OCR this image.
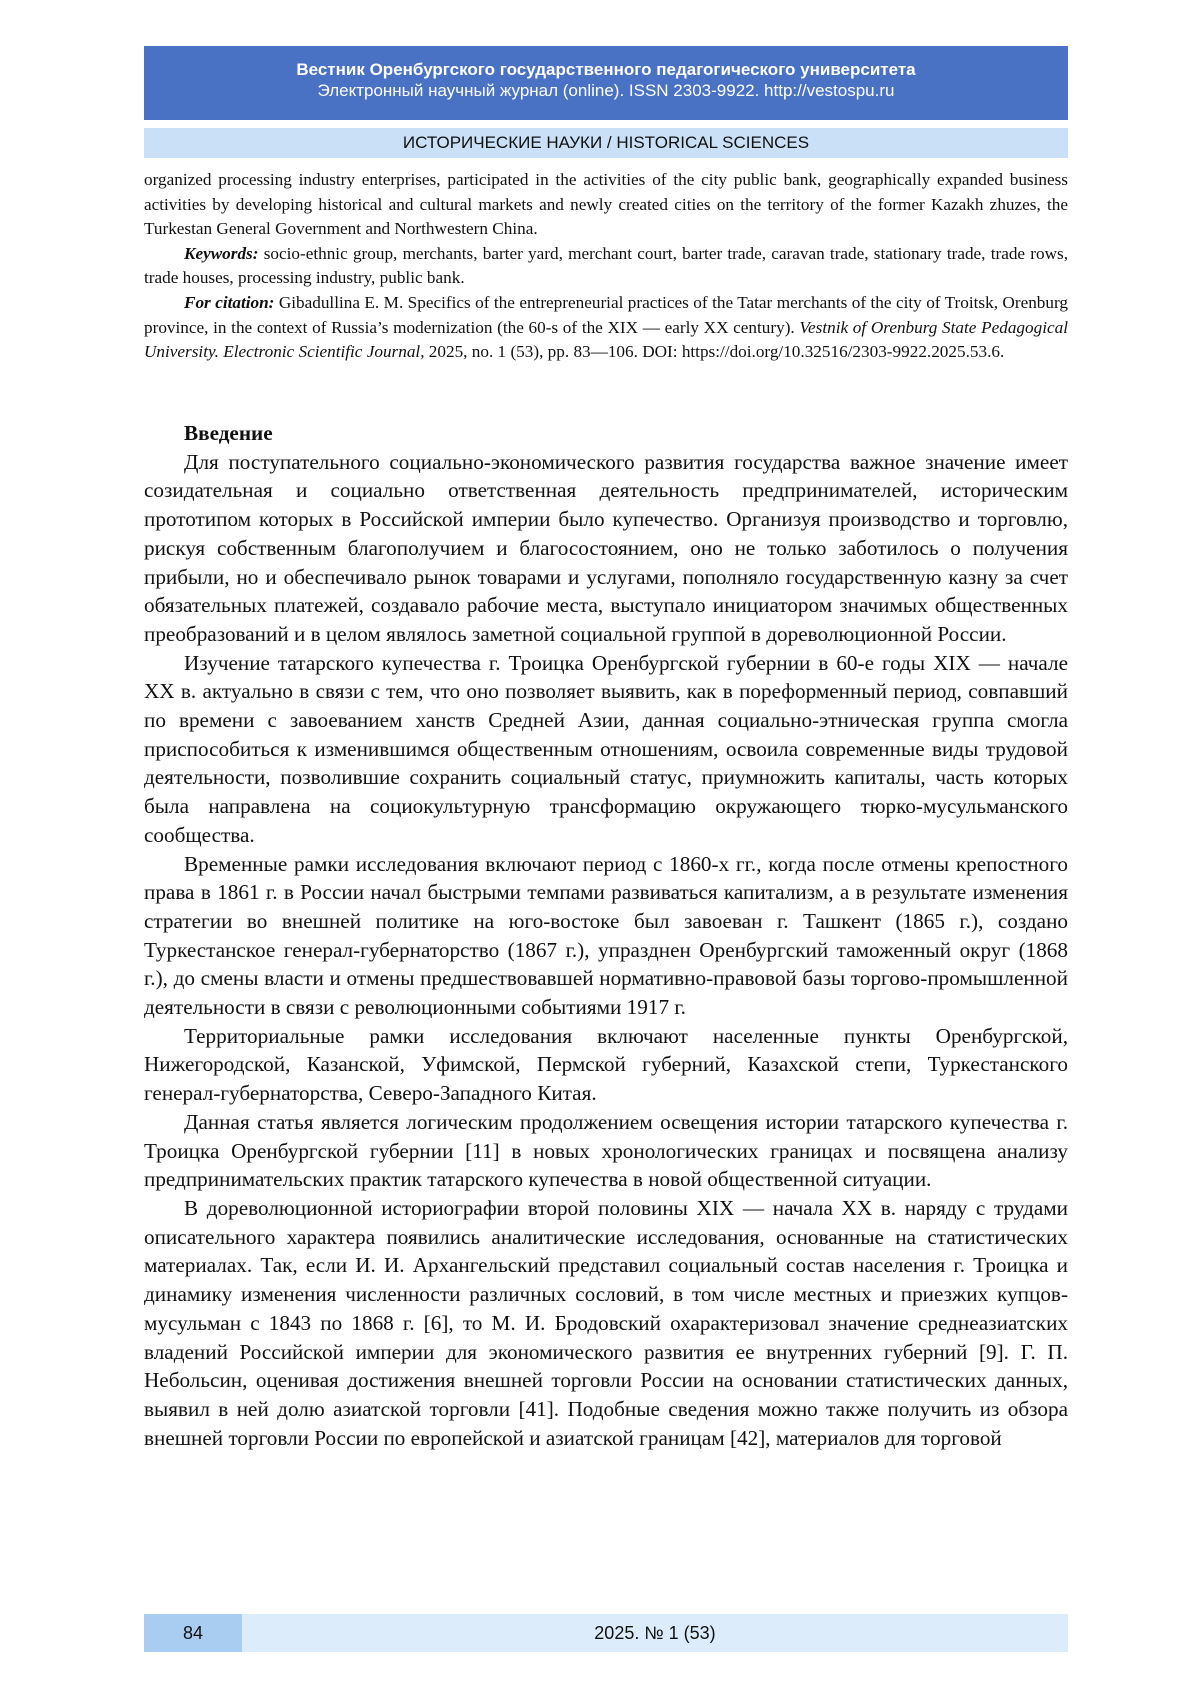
Вестник Оренбургского государственного педагогического университета
Электронный научный журнал (online). ISSN 2303-9922. http://vestospu.ru
ИСТОРИЧЕСКИЕ НАУКИ / HISTORICAL SCIENCES

organized processing industry enterprises, participated in the activities of the city public bank, geographically expanded business activities by developing historical and cultural markets and newly created cities on the territory of the former Kazakh zhuzes, the Turkestan General Government and Northwestern China.

Keywords: socio-ethnic group, merchants, barter yard, merchant court, barter trade, caravan trade, stationary trade, trade rows, trade houses, processing industry, public bank.

For citation: Gibadullina E. M. Specifics of the entrepreneurial practices of the Tatar merchants of the city of Troitsk, Orenburg province, in the context of Russia’s modernization (the 60-s of the XIX — early XX century). Vestnik of Orenburg State Pedagogical University. Electronic Scientific Journal, 2025, no. 1 (53), pp. 83—106. DOI: https://doi.org/10.32516/2303-9922.2025.53.6.

Введение

Для поступательного социально-экономического развития государства важное значение имеет созидательная и социально ответственная деятельность предпринимателей, историческим прототипом которых в Российской империи было купечество. Организуя производство и торговлю, рискуя собственным благополучием и благосостоянием, оно не только заботилось о получения прибыли, но и обеспечивало рынок товарами и услугами, пополняло государственную казну за счет обязательных платежей, создавало рабочие места, выступало инициатором значимых общественных преобразований и в целом являлось заметной социальной группой в дореволюционной России.

Изучение татарского купечества г. Троицка Оренбургской губернии в 60-е годы XIX — начале XX в. актуально в связи с тем, что оно позволяет выявить, как в пореформенный период, совпавший по времени с завоеванием ханств Средней Азии, данная социально-этническая группа смогла приспособиться к изменившимся общественным отношениям, освоила современные виды трудовой деятельности, позволившие сохранить социальный статус, приумножить капиталы, часть которых была направлена на социокультурную трансформацию окружающего тюрко-мусульманского сообщества.

Временные рамки исследования включают период с 1860-х гг., когда после отмены крепостного права в 1861 г. в России начал быстрыми темпами развиваться капитализм, а в результате изменения стратегии во внешней политике на юго-востоке был завоеван г. Ташкент (1865 г.), создано Туркестанское генерал-губернаторство (1867 г.), упразднен Оренбургский таможенный округ (1868 г.), до смены власти и отмены предшествовавшей нормативно-правовой базы торгово-промышленной деятельности в связи с революционными событиями 1917 г.

Территориальные рамки исследования включают населенные пункты Оренбургской, Нижегородской, Казанской, Уфимской, Пермской губерний, Казахской степи, Туркестанского генерал-губернаторства, Северо-Западного Китая.

Данная статья является логическим продолжением освещения истории татарского купечества г. Троицка Оренбургской губернии [11] в новых хронологических границах и посвящена анализу предпринимательских практик татарского купечества в новой общественной ситуации.

В дореволюционной историографии второй половины XIX — начала XX в. наряду с трудами описательного характера появились аналитические исследования, основанные на статистических материалах. Так, если И. И. Архангельский представил социальный состав населения г. Троицка и динамику изменения численности различных сословий, в том числе местных и приезжих купцов-мусульман с 1843 по 1868 г. [6], то М. И. Бродовский охарактеризовал значение среднеазиатских владений Российской империи для экономического развития ее внутренних губерний [9]. Г. П. Небольсин, оценивая достижения внешней торговли России на основании статистических данных, выявил в ней долю азиатской торговли [41]. Подобные сведения можно также получить из обзора внешней торговли России по европейской и азиатской границам [42], материалов для торговой

84	2025. № 1 (53)
